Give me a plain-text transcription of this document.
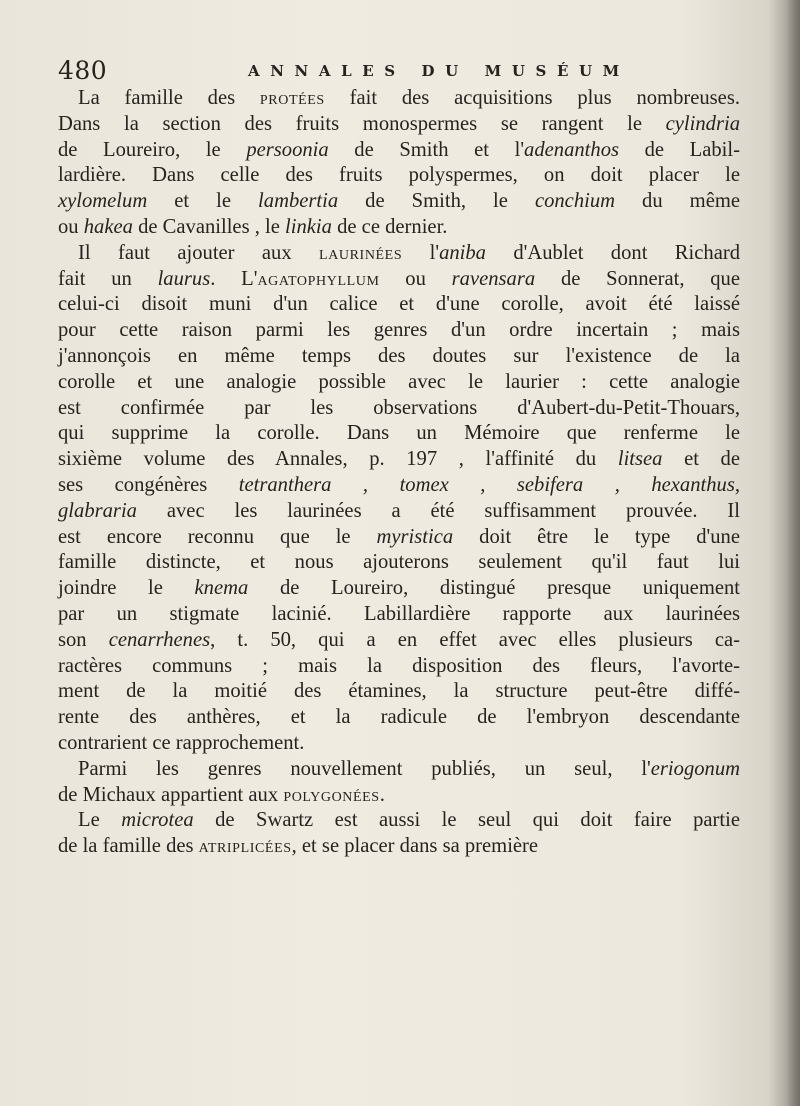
480	ANNALES DU MUSÉUM
La famille des PROTÉES fait des acquisitions plus nombreuses.
Dans la section des fruits monospermes se rangent le cylindria
de Loureiro, le persoonia de Smith et l'adenanthos de Labil-
lardière. Dans celle des fruits polyspermes, on doit placer le
xylomelum et le lambertia de Smith, le conchium du même
ou hakea de Cavanilles , le linkia de ce dernier.
Il faut ajouter aux LAURINÉES l'aniba d'Aublet dont Richard
fait un laurus. L'AGATOPHYLLUM ou ravensara de Sonnerat, que
celui-ci disoit muni d'un calice et d'une corolle, avoit été laissé
pour cette raison parmi les genres d'un ordre incertain ; mais
j'annonçois en même temps des doutes sur l'existence de la
corolle et une analogie possible avec le laurier : cette analogie
est confirmée par les observations d'Aubert-du-Petit-Thouars,
qui supprime la corolle. Dans un Mémoire que renferme le
sixième volume des Annales, p. 197 , l'affinité du litsea et de
ses congénères tetranthera , tomex , sebifera , hexanthus,
glabraria avec les laurinées a été suffisamment prouvée. Il
est encore reconnu que le myristica doit être le type d'une
famille distincte, et nous ajouterons seulement qu'il faut lui
joindre le knema de Loureiro, distingué presque uniquement
par un stigmate lacinié. Labillardière rapporte aux laurinées
son cenarrhenes, t. 50, qui a en effet avec elles plusieurs ca-
ractères communs ; mais la disposition des fleurs, l'avorte-
ment de la moitié des étamines, la structure peut-être diffé-
rente des anthères, et la radicule de l'embryon descendante
contrarient ce rapprochement.
Parmi les genres nouvellement publiés, un seul, l'eriogonum
de Michaux appartient aux POLYGONÉES.
Le microtea de Swartz est aussi le seul qui doit faire partie
de la famille des ATRIPLICÉES, et se placer dans sa première
